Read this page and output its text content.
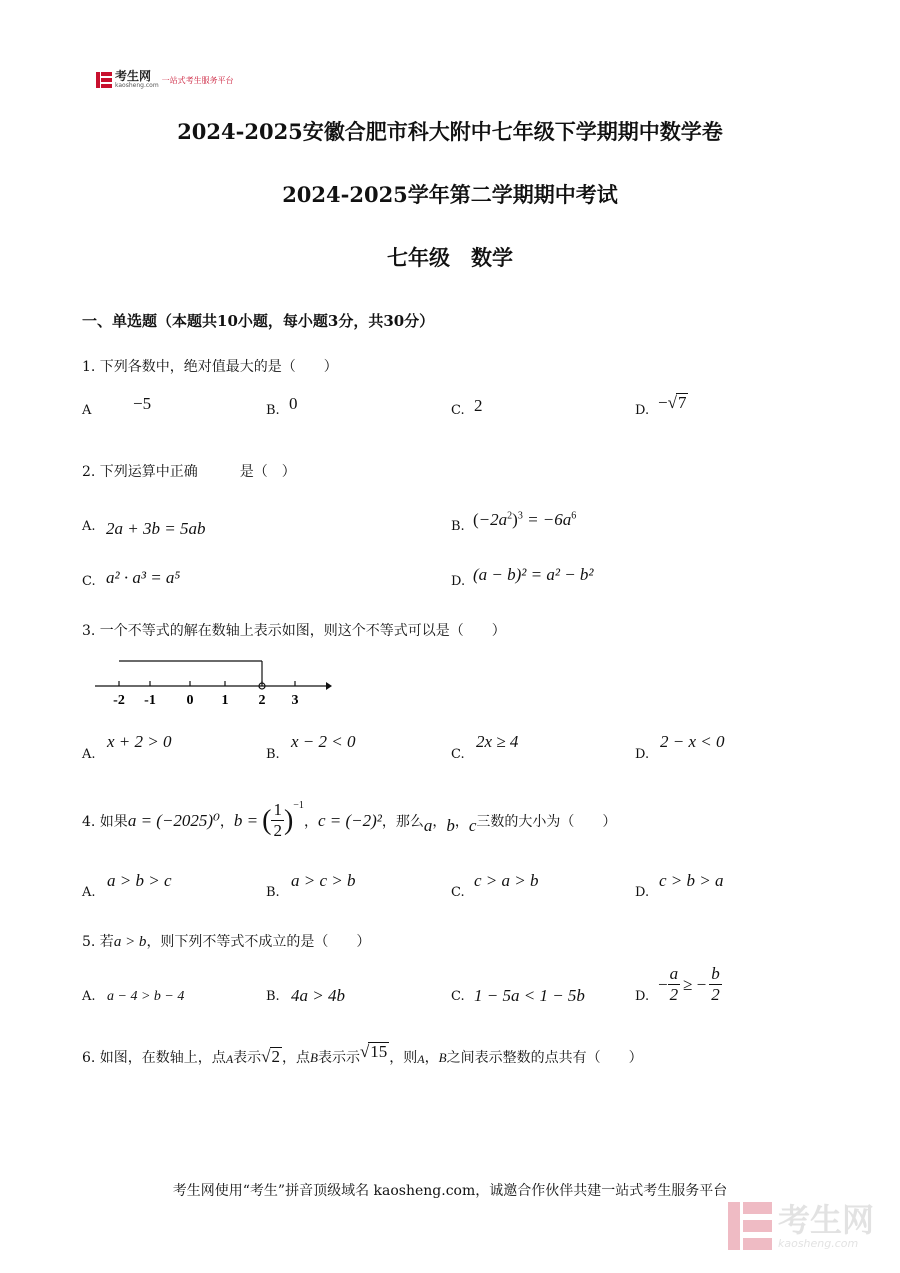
考生网
kaosheng.com
一站式考生服务平台
2024-2025安徽合肥市科大附中七年级下学期期中数学卷
2024-2025学年第二学期期中考试
七年级　数学
一、单选题（本题共10小题，每小题3分，共30分）
1. 下列各数中，绝对值最大的是（　　）
A −5	B. 0	C. 2	D. −√7
2. 下列运算中正确　　　是（　）
A. 2a + 3b = 5ab	B. $(-2a^2)^3 = -6a^6$
C. a² · a³ = a⁵	D. (a − b)² = a² − b²
3. 一个不等式的解在数轴上表示如图，则这个不等式可以是（　　）
-2 -1 0 1 2 3
A.
x + 2 > 0
B.
x − 2 < 0
C.
2x ≥ 4
D.
2 − x < 0
4. 如果 a = (−2025)⁰ ， b = ( $\frac{1}{2} )^{-1}$
， c = (−2)² ，那么 a ， b ， c 三数的大小为（　　）
A.
a > b > c
B.
a > c > b
C.
c > a > b
D.
c > b > a
5. 若a > b，则下列不等式不成立的是（　　）
A. a − 4 > b − 4	B. 4a > 4b	C. 1 − 5a < 1 − 5b	D.
− $\frac{a}{2}$ ≥ − $\frac{b}{2}$
6. 如图，在数轴上，点 A 表示 √2 ，点 B 表示示 √15 ，则 A ， B 之间表示整数的点共有（　　）
考生网使用“考生”拼音顶级域名 kaosheng.com，诚邀合作伙伴共建一站式考生服务平台
考生网
kaosheng.com
